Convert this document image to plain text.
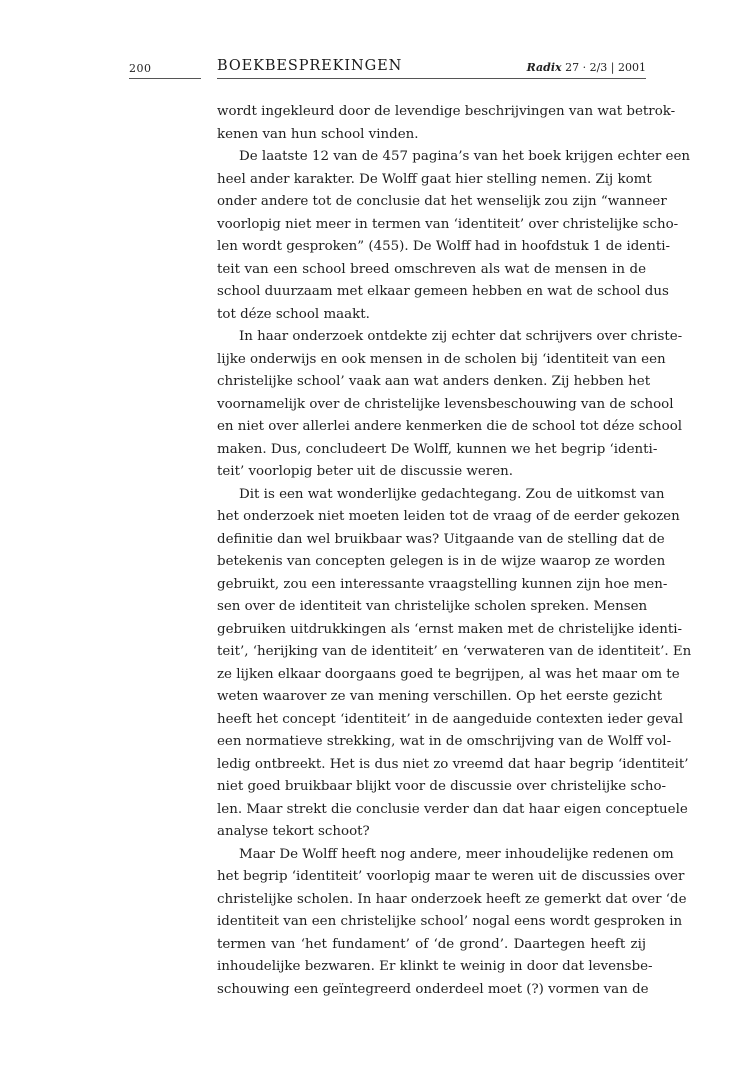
200	BOEKBESPREKINGEN	Radix 27 · 2/3 | 2001
wordt ingekleurd door de levendige beschrijvingen van wat betrok-
kenen van hun school vinden.
De laatste 12 van de 457 pagina’s van het boek krijgen echter een
heel ander karakter. De Wolff gaat hier stelling nemen. Zij komt
onder andere tot de conclusie dat het wenselijk zou zijn “wanneer
voorlopig niet meer in termen van ‘identiteit’ over christelijke scho-
len wordt gesproken” (455). De Wolff had in hoofdstuk 1 de identi-
teit van een school breed omschreven als wat de mensen in de
school duurzaam met elkaar gemeen hebben en wat de school dus
tot déze school maakt.
In haar onderzoek ontdekte zij echter dat schrijvers over christe-
lijke onderwijs en ook mensen in de scholen bij ‘identiteit van een
christelijke school’ vaak aan wat anders denken. Zij hebben het
voornamelijk over de christelijke levensbeschouwing van de school
en niet over allerlei andere kenmerken die de school tot déze school
maken. Dus, concludeert De Wolff, kunnen we het begrip ‘identi-
teit’ voorlopig beter uit de discussie weren.
Dit is een wat wonderlijke gedachtegang. Zou de uitkomst van
het onderzoek niet moeten leiden tot de vraag of de eerder gekozen
definitie dan wel bruikbaar was? Uitgaande van de stelling dat de
betekenis van concepten gelegen is in de wijze waarop ze worden
gebruikt, zou een interessante vraagstelling kunnen zijn hoe men-
sen over de identiteit van christelijke scholen spreken. Mensen
gebruiken uitdrukkingen als ‘ernst maken met de christelijke identi-
teit’, ‘herijking van de identiteit’ en ‘verwateren van de identiteit’. En
ze lijken elkaar doorgaans goed te begrijpen, al was het maar om te
weten waarover ze van mening verschillen. Op het eerste gezicht
heeft het concept ‘identiteit’ in de aangeduide contexten ieder geval
een normatieve strekking, wat in de omschrijving van de Wolff vol-
ledig ontbreekt. Het is dus niet zo vreemd dat haar begrip ‘identiteit’
niet goed bruikbaar blijkt voor de discussie over christelijke scho-
len. Maar strekt die conclusie verder dan dat haar eigen conceptuele
analyse tekort schoot?
Maar De Wolff heeft nog andere, meer inhoudelijke redenen om
het begrip ‘identiteit’ voorlopig maar te weren uit de discussies over
christelijke scholen. In haar onderzoek heeft ze gemerkt dat over ‘de
identiteit van een christelijke school’ nogal eens wordt gesproken in
termen van ‘het fundament’ of ‘de grond’. Daartegen heeft zij
inhoudelijke bezwaren. Er klinkt te weinig in door dat levensbe-
schouwing een geïntegreerd onderdeel moet (?) vormen van de
